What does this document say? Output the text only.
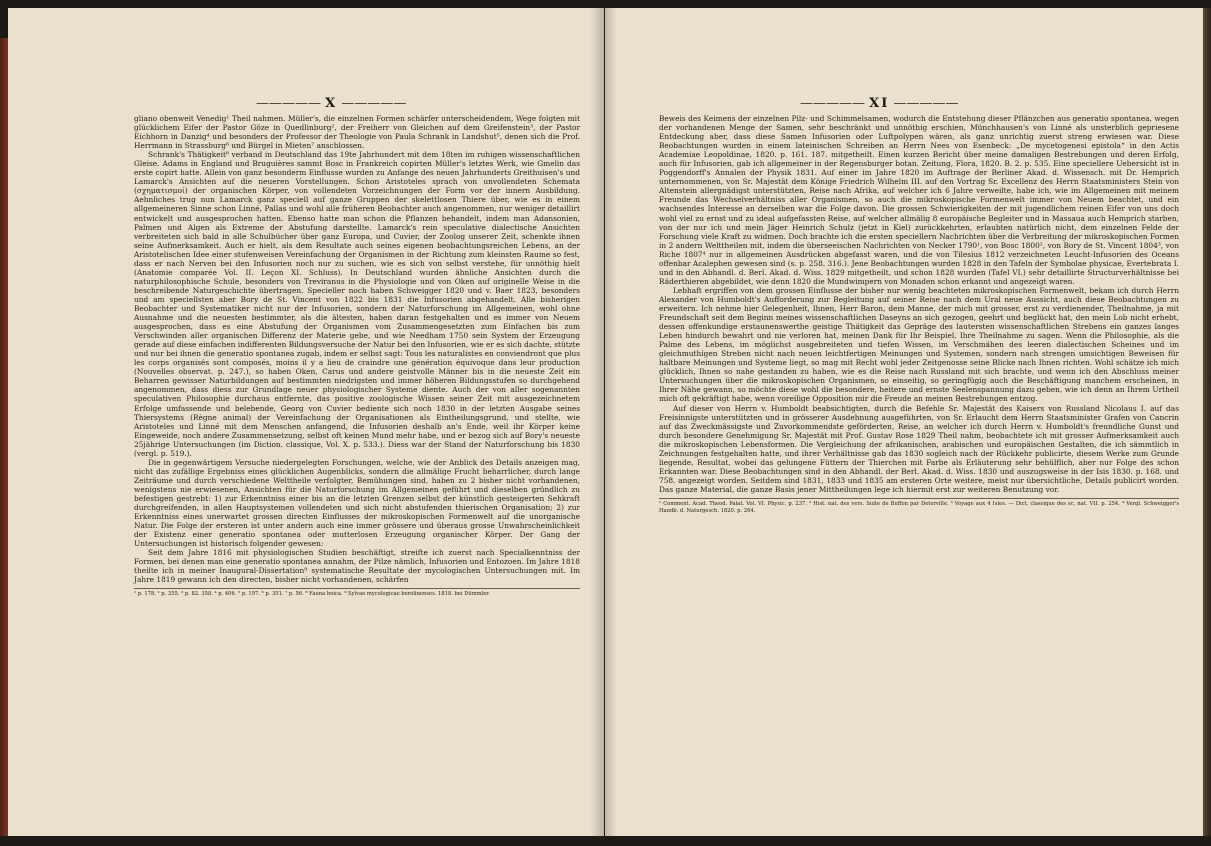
————— X —————

glianο obenweit Venedig¹ Theil nahmen. Müller's, die einzelnen Formen schärfer unterscheidendem, Wege folgten mit glücklichem Eifer der Pastor Göze in Quedlinburg², der Freiherr von Gleichen auf dem Greifenstein³, der Pastor Eichhorn in Danzig⁴ und besonders der Professor der Theologie von Paula Schrank in Landshut⁵, denen sich die Prof. Herrmann in Strassburg⁶ und Bürgel in Mieten⁷ anschlossen.

Schrank's Thätigkeit⁸ verband in Deutschland das 19te Jahrhundert mit dem 18ten im ruhigen wissenschaftlichen Gleise. Adams in England und Bruguières sammt Bosc in Frankreich copirten Müller's letztes Werk, wie Gmelin das erste copirt hatte. Allein von ganz besonderm Einflusse wurden zu Anfange des neuen Jahrhunderts Greithuisen's und Lamarck's Ansichten auf die neueren Vorstellungen. Schon Aristoteles sprach von unvollendeten Schemata (σχηματισμοί) der organischen Körper, von vollendeten Vorzeichnungen der Form vor der innern Ausbildung. Aehnliches trug nun Lamarck ganz speciell auf ganze Gruppen der skelettlosen Thiere über, wie es in einem allgemeineren Sinne schon Linné, Pallas und wohl alle früheren Beobachter auch angenommen, nur weniger detaillirt entwickelt und ausgesprochen hatten. Ebenso hatte man schon die Pflanzen behandelt, indem man Adansonien, Palmen und Algen als Extreme der Abstufung darstellte. Lamarck's rein speculative dialectische Ansichten verbreiteten sich bald in alle Schulbücher über ganz Europa, und Cuvier, der Zoolog unserer Zeit, schenkte ihnen seine Aufmerksamkeit. Auch er hielt, als dem Resultate auch seines eigenen beobachtungsreichen Lebens, an der Aristotelischen Idee einer stufenweisen Vereinfachung der Organismen in der Richtung zum kleinsten Raume so fest, dass er nach Nerven bei den Infusorien noch nur zu suchen, wie es sich von selbst verstehe, für unnöthig hielt (Anatomie comparée Vol. II. Leçon XI. Schluss). In Deutschland wurden ähnliche Ansichten durch die naturphilosophische Schule, besonders von Treviranus in die Physiologie und von Oken auf originelle Weise in die beschreibende Naturgeschichte übertragen. Specieller noch haben Schweigger 1820 und v. Baer 1823, besonders und am speciellsten aber Bory de St. Vincent von 1822 bis 1831 die Infusorien abgehandelt. Alle bisherigen Beobachter und Systematiker nicht nur der Infusorien, sondern der Naturforschung im Allgemeinen, wohl ohne Ausnahme und die neuesten bestimmter, als die ältesten, haben daran festgehalten und es immer von Neuem ausgesprochen, dass es eine Abstufung der Organismen vom Zusammengesetzten zum Einfachen bis zum Verschwinden aller organischen Differenz der Materie gebe, und wie Needham 1750 sein System der Erzeugung gerade auf diese einfachen indifferenten Bildungsversuche der Natur bei den Infusorien, wie er es sich dachte, stützte und nur bei ihnen die generatio spontanea zugab, indem er selbst sagt: Tous les naturalistes en conviendront que plus les corps organisés sont composés, moins il y a lieu de craindre une génération équivoque dans leur production (Nouvelles observat. p. 247.), so haben Oken, Carus und andere geistvolle Männer bis in die neueste Zeit ein Beharren gewisser Naturbildungen auf bestimmten niedrigsten und immer höheren Bildungsstufen so durchgehend angenommen, dass diess zur Grundlage neuer physiologischer Systeme diente. Auch der von aller sogenannten speculativen Philosophie durchaus entfernte, das positive zoologische Wissen seiner Zeit mit ausgezeichnetem Erfolge umfassende und belebende, Georg von Cuvier bediente sich noch 1830 in der letzten Ausgabe seines Thiersystems (Règne animal) der Vereinfachung der Organisationen als Eintheilungsgrund, und stellte, wie Aristoteles und Linné mit dem Menschen anfangend, die Infusorien deshalb an's Ende, weil ihr Körper keine Eingeweide, noch andere Zusammensetzung, selbst oft keinen Mund mehr habe, und er bezog sich auf Bory's neueste 25jährige Untersuchungen (im Diction. classique, Vol. X. p. 533.). Diess war der Stand der Naturforschung bis 1830 (vergl. p. 519.).

Die in gegenwärtigem Versuche niedergelegten Forschungen, welche, wie der Anblick des Details anzeigen mag, nicht das zufällige Ergebniss eines glücklichen Augenblicks, sondern die allmälige Frucht beharrlicher, durch lange Zeiträume und durch verschiedene Welttheile verfolgter, Bemühungen sind, haben zu 2 bisher nicht vorhandenen, wenigstens nie erwiesenen, Ansichten für die Naturforschung im Allgemeinen geführt und dieselben gründlich zu befestigen gestrebt: 1) zur Erkenntniss einer bis an die letzten Grenzen selbst der künstlich gesteigerten Sehkraft durchgreifenden, in allen Hauptsystemen vollendeten und sich nicht abstufenden thierischen Organisation; 2) zur Erkenntniss eines unerwartet grossen directen Einflusses der mikroskopischen Formenwelt auf die unorganische Natur. Die Folge der ersteren ist unter andern auch eine immer grössere und überaus grosse Unwahrscheinlichkeit der Existenz einer generatio spontanea oder mutterlosen Erzeugung organischer Körper. Der Gang der Untersuchungen ist historisch folgender gewesen:

Seit dem Jahre 1816 mit physiologischen Studien beschäftigt, streifte ich zuerst nach Specialkenntniss der Formen, bei denen man eine generatio spontanea annahm, der Pilze nämlich, Infusorien und Entozoen. Im Jahre 1818 theilte ich in meiner Inaugural-Dissertation⁹ systematische Resultate der mycologischen Untersuchungen mit. Im Jahre 1819 gewann ich den directen, bisher nicht vorhandenen, schärfen

¹ p. 178. ² p. 355. ³ p. 82. 358. ⁴ p. 406. ⁵ p. 197. ⁶ p. 351. ⁷ p. 56. ⁸ Fauna boica. ⁹ Sylvae mycologicae berolinenses. 1818. bei Dümmler.
————— XI —————

Beweis des Keimens der einzelnen Pilz- und Schimmelsamen, wodurch die Entstehung dieser Pflänzchen aus generatio spontanea, wegen der vorhandenen Menge der Samen, sehr beschränkt und unnöthig erschien, Münchhausen's von Linné als unsterblich gepriesene Entdeckung aber, dass diese Samen Infusorien oder Luftpolypen wären, als ganz unrichtig zuerst streng erwiesen war. Diese Beobachtungen wurden in einem lateinischen Schreiben an Herrn Nees von Esenbeck: „De mycetogenesi epistola“ in den Actis Academiae Leopoldinae, 1820. p. 161. 187. mitgetheilt. Einen kurzen Bericht über meine damaligen Bestrebungen und deren Erfolg, auch für Infusorien, gab ich allgemeiner in der Regensburger botan. Zeitung, Flora, 1820. B. 2. p. 535. Eine speciellere Uebersicht ist in Poggendorff's Annalen der Physik 1831. Auf einer im Jahre 1820 im Auftrage der Berliner Akad. d. Wissensch. mit Dr. Hemprich unternommenen, von Sr. Majestät dem Könige Friedrich Wilhelm III. auf den Vortrag Sr. Excellenz des Herrn Staatsministers Stein von Altenstein allergnädigst unterstützten, Reise nach Afrika, auf welcher ich 6 Jahre verweilte, habe ich, wie im Allgemeinen mit meinem Freunde das Wechselverhältniss aller Organismen, so auch die mikroskopische Formenwelt immer von Neuem beachtet, und ein wachsendes Interesse an derselben war die Folge davon. Die grossen Schwierigkeiten der mit jugendlichem reinen Eifer von uns doch wohl viel zu ernst und zu ideal aufgefassten Reise, auf welcher allmälig 8 europäische Begleiter und in Massaua auch Hemprich starben, von der nur ich und mein Jäger Heinrich Schulz (jetzt in Kiel) zurückkehrten, erlaubten natürlich nicht, dem einzelnen Felde der Forschung viele Kraft zu widmen. Doch brachte ich die ersten speciellern Nachrichten über die Verbreitung der mikroskopischen Formen in 2 andern Welttheilen mit, indem die überseeischen Nachrichten von Necker 1790¹, von Bosc 1800², von Bory de St. Vincent 1804³, von Riche 1807⁴ nur in allgemeinen Ausdrücken abgefasst waren, und die von Tilesius 1812 verzeichneten Leucht-Infusorien des Oceans offenbar Acalephen gewesen sind (s. p. 258. 316.). Jene Beobachtungen wurden 1828 in den Tafeln der Symbolae physicae, Evertebrata I. und in den Abhandl. d. Berl. Akad. d. Wiss. 1829 mitgetheilt, und schon 1828 wurden (Tafel VI.) sehr detaillirte Structurverhältnisse bei Räderthieren abgebildet, wie denn 1820 die Mundwimpern von Monaden schon erkannt und angezeigt waren.

Lebhaft ergriffen von dem grossen Einflusse der bisher nur wenig beachteten mikroskopischen Formenwelt, bekam ich durch Herrn Alexander von Humboldt's Aufforderung zur Begleitung auf seiner Reise nach dem Ural neue Aussicht, auch diese Beobachtungen zu erweitern. Ich nehme hier Gelegenheit, Ihnen, Herr Baron, dem Manne, der mich mit grosser, erst zu verdienender, Theilnahme, ja mit Freundschaft seit dem Beginn meines wissenschaftlichen Daseyns an sich gezogen, geehrt und beglückt hat, den mein Lob nicht erhebt, dessen offenkundige erstaunenswerthe geistige Thätigkeit das Gepräge des lautersten wissenschaftlichen Strebens ein ganzes langes Leben hindurch bewahrt und nie verloren hat, meinen Dank für Ihr Beispiel, Ihre Theilnahme zu sagen. Wenn die Philosophie, als die Palme des Lebens, im möglichst ausgebreiteten und tiefen Wissen, im Verschmähen des leeren dialectischen Scheines und im gleichmuthigen Streben nicht nach neuen leichtfertigen Meinungen und Systemen, sondern nach strengen umsichtigen Beweisen für haltbare Meinungen und Systeme liegt, so mag mit Recht wohl jeder Zeitgenosse seine Blicke nach Ihnen richten. Wohl schätze ich mich glücklich, Ihnen so nahe gestanden zu haben, wie es die Reise nach Russland mit sich brachte, und wenn ich den Abschluss meiner Untersuchungen über die mikroskopischen Organismen, so einseitig, so geringfügig auch die Beschäftigung manchem erscheinen, in Ihrer Nähe gewann, so möchte diese wohl die besondere, heitere und ernste Seelenspannung dazu geben, wie ich denn an Ihrem Urtheil mich oft gekräftigt habe, wenn voreilige Opposition mir die Freude an meinen Bestrebungen entzog.

Auf dieser von Herrn v. Humboldt beabsichtigten, durch die Befehle Sr. Majestät des Kaisers von Russland Nicolaus I. auf das Freisinnigste unterstützten und in grösserer Ausdehnung ausgeführten, von Sr. Erlaucht dem Herrn Staatsminister Grafen von Cancrin auf das Zweckmässigste und Zuvorkommendste geförderten, Reise, an welcher ich durch Herrn v. Humboldt's freundliche Gunst und durch besondere Genehmigung Sr. Majestät mit Prof. Gustav Rose 1829 Theil nahm, beobachtete ich mit grosser Aufmerksamkeit auch die mikroskopischen Lebensformen. Die Vergleichung der afrikanischen, arabischen und europäischen Gestalten, die ich sämmtlich in Zeichnungen festgehalten hatte, und ihrer Verhältnisse gab das 1830 sogleich nach der Rückkehr publicirte, diesem Werke zum Grunde liegende, Resultat, wobei das gelungene Füttern der Thierchen mit Farbe als Erläuterung sehr behülflich, aber nur Folge des schon Erkannten war. Diese Beobachtungen sind in den Abhandl. der Berl. Akad. d. Wiss. 1830 und auszugsweise in der Isis 1830. p. 168. und 758. angezeigt worden. Seitdem sind 1831, 1833 und 1835 am ersteren Orte weitere, meist nur übersichtliche, Details publicirt worden. Das ganze Material, die ganze Basis jener Mittheilungen lege ich hiermit erst zur weiteren Benutzung vor.

¹ Comment. Acad. Theod. Palat. Vol. VI. Physic. p. 237. ² Hist. nat. des vers. Suite de Buffon par Deterville. ³ Voyage aux 4 Isles. — Dict. classique des sc. nat. VII. p. 254. ⁴ Vergl. Schweigger's Handb. d. Naturgesch. 1820. p. 264.
